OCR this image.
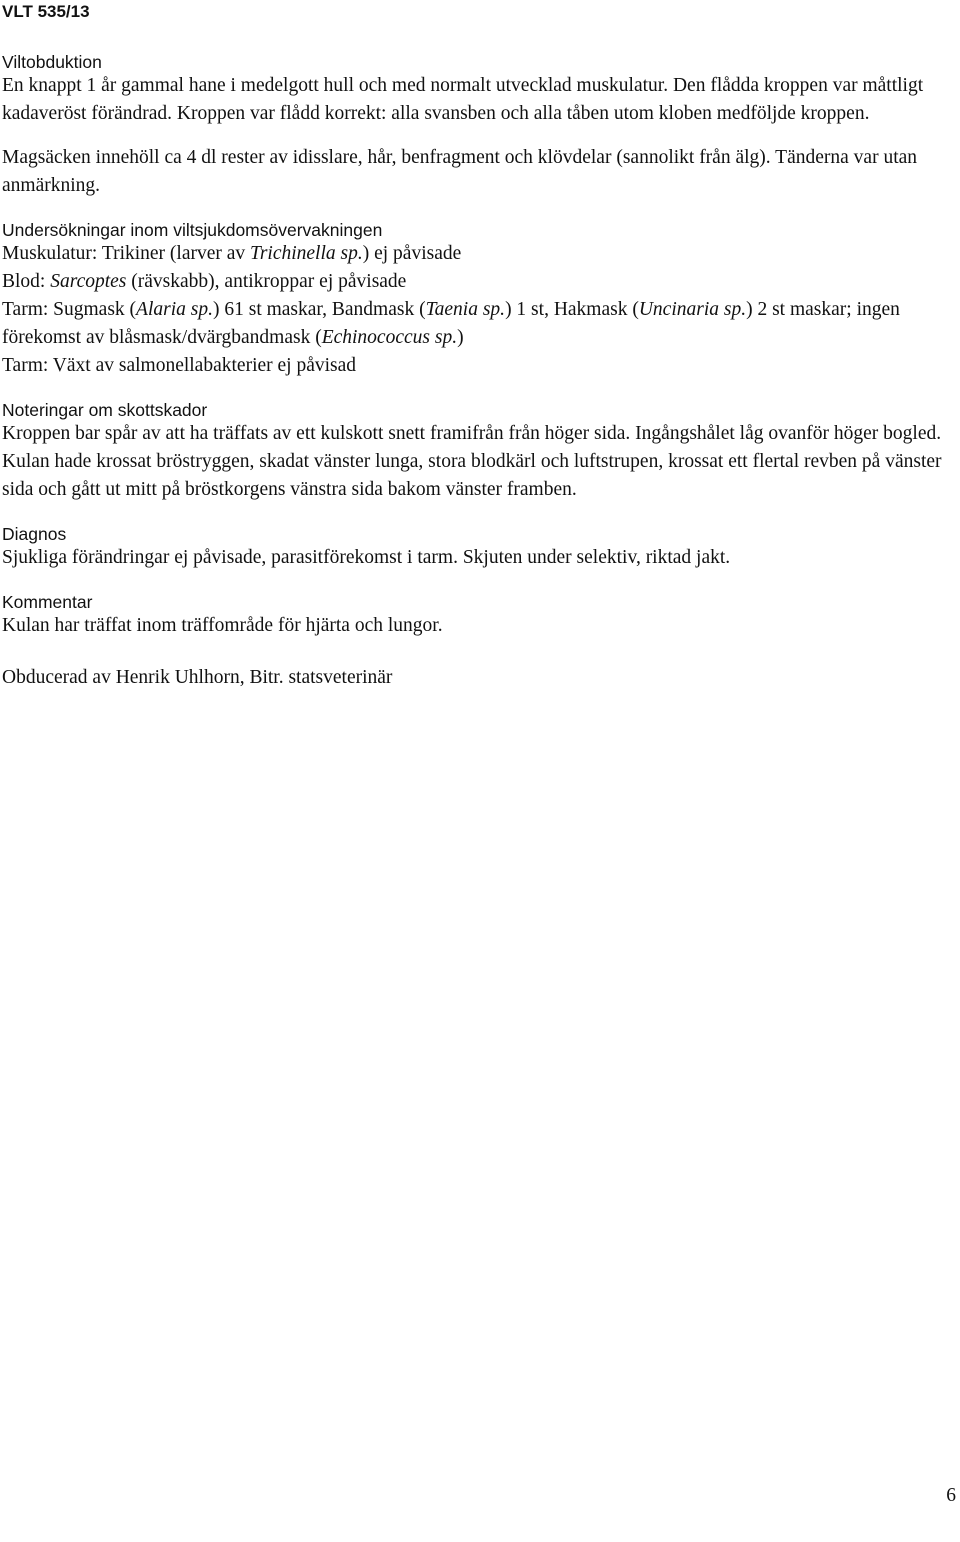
VLT 535/13

Viltobduktion

En knappt 1 år gammal hane i medelgott hull och med normalt utvecklad muskulatur. Den flådda kroppen var måttligt kadaveröst förändrad. Kroppen var flådd korrekt: alla svansben och alla tåben utom kloben medföljde kroppen.

Magsäcken innehöll ca 4 dl rester av idisslare, hår, benfragment och klövdelar (sannolikt från älg). Tänderna var utan anmärkning.

Undersökningar inom viltsjukdomsövervakningen

Muskulatur: Trikiner (larver av Trichinella sp.) ej påvisade

Blod: Sarcoptes (rävskabb), antikroppar ej påvisade

Tarm: Sugmask (Alaria sp.) 61 st maskar, Bandmask (Taenia sp.) 1 st, Hakmask (Uncinaria sp.) 2 st maskar; ingen förekomst av blåsmask/dvärgbandmask (Echinococcus sp.)

Tarm: Växt av salmonellabakterier ej påvisad

Noteringar om skottskador

Kroppen bar spår av att ha träffats av ett kulskott snett framifrån från höger sida. Ingångshålet låg ovanför höger bogled. Kulan hade krossat bröstryggen, skadat vänster lunga, stora blodkärl och luftstrupen, krossat ett flertal revben på vänster sida och gått ut mitt på bröstkorgens vänstra sida bakom vänster framben.

Diagnos

Sjukliga förändringar ej påvisade, parasitförekomst i tarm. Skjuten under selektiv, riktad jakt.

Kommentar

Kulan har träffat inom träffområde för hjärta och lungor.

Obducerad av Henrik Uhlhorn, Bitr. statsveterinär

6
